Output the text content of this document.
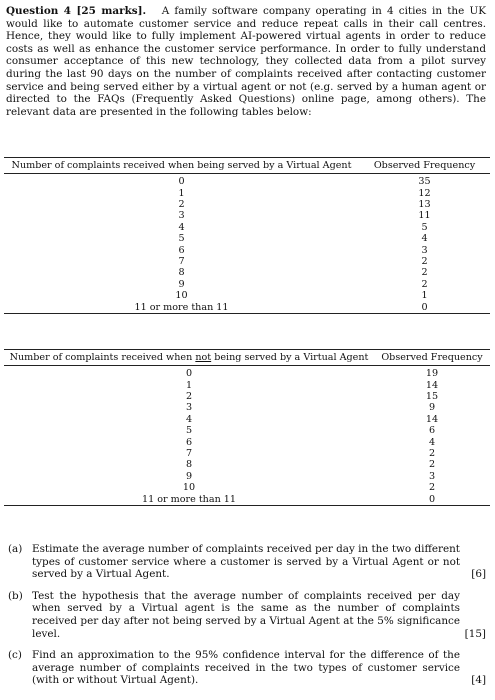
Question 4 [25 marks]. A family software company operating in 4 cities in the UK would like to automate customer service and reduce repeat calls in their call centres. Hence, they would like to fully implement AI-powered virtual agents in order to reduce costs as well as enhance the customer service performance. In order to fully understand consumer acceptance of this new technology, they collected data from a pilot survey during the last 90 days on the number of complaints received after contacting customer service and being served either by a virtual agent or not (e.g. served by a human agent or directed to the FAQs (Frequently Asked Questions) online page, among others). The relevant data are presented in the following tables below:

Number of complaints received when being served by a Virtual Agent	Observed Frequency
0	35
1	12
2	13
3	11
4	5
5	4
6	3
7	2
8	2
9	2
10	1
11 or more than 11	0
Number of complaints received when not being served by a Virtual Agent	Observed Frequency
0	19
1	14
2	15
3	9
4	14
5	6
6	4
7	2
8	2
9	3
10	2
11 or more than 11	0
(a) Estimate the average number of complaints received per day in the two different types of customer service where a customer is served by a Virtual Agent or not served by a Virtual Agent.	[6]
(b) Test the hypothesis that the average number of complaints received per day when served by a Virtual agent is the same as the number of complaints received per day after not being served by a Virtual Agent at the 5% significance level.	[15]
(c) Find an approximation to the 95% confidence interval for the difference of the average number of complaints received in the two types of customer service (with or without Virtual Agent).	[4]
